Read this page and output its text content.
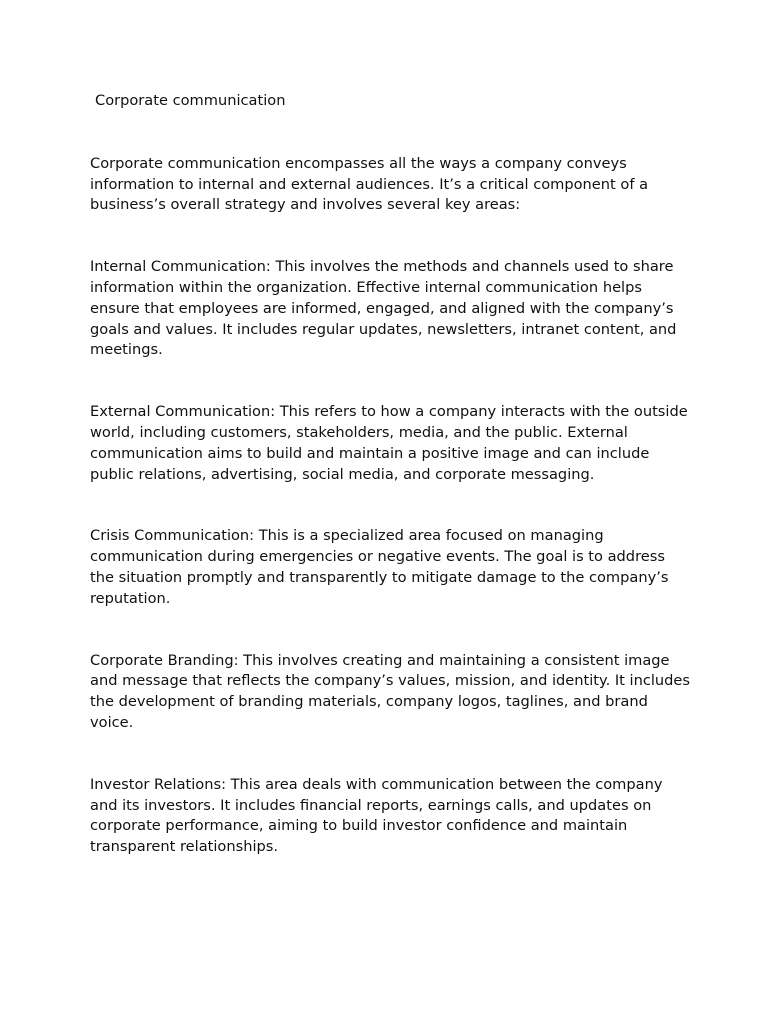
Corporate communication

Corporate communication encompasses all the ways a company conveys information to internal and external audiences. It’s a critical component of a business’s overall strategy and involves several key areas:

Internal Communication: This involves the methods and channels used to share information within the organization. Effective internal communication helps ensure that employees are informed, engaged, and aligned with the company’s goals and values. It includes regular updates, newsletters, intranet content, and meetings.

External Communication: This refers to how a company interacts with the outside world, including customers, stakeholders, media, and the public. External communication aims to build and maintain a positive image and can include public relations, advertising, social media, and corporate messaging.

Crisis Communication: This is a specialized area focused on managing communication during emergencies or negative events. The goal is to address the situation promptly and transparently to mitigate damage to the company’s reputation.

Corporate Branding: This involves creating and maintaining a consistent image and message that reflects the company’s values, mission, and identity. It includes the development of branding materials, company logos, taglines, and brand voice.

Investor Relations: This area deals with communication between the company and its investors. It includes financial reports, earnings calls, and updates on corporate performance, aiming to build investor confidence and maintain transparent relationships.
